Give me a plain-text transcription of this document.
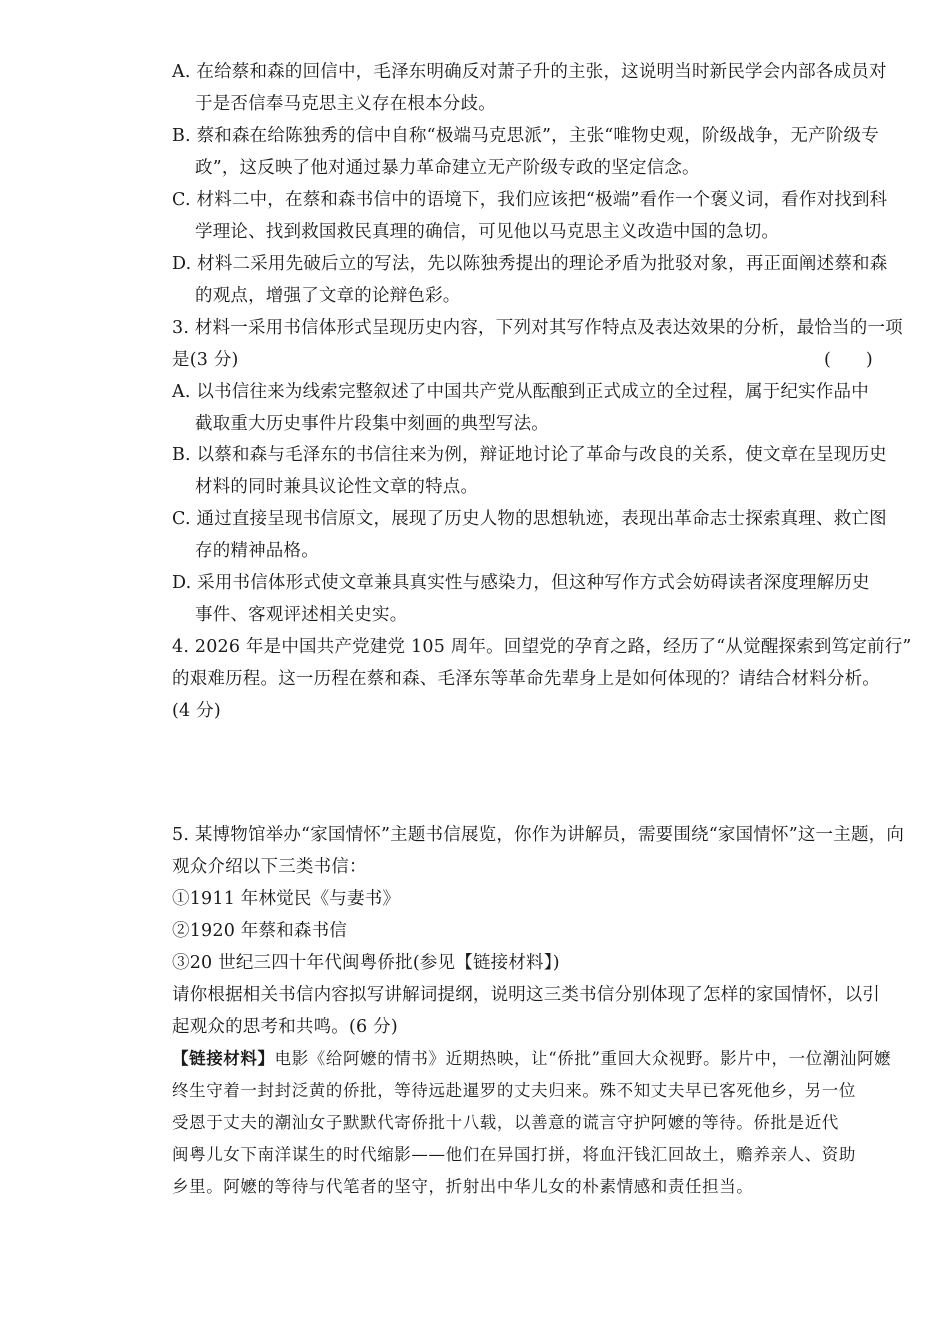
A. 在给蔡和森的回信中，毛泽东明确反对萧子升的主张，这说明当时新民学会内部各成员对
于是否信奉马克思主义存在根本分歧。
B. 蔡和森在给陈独秀的信中自称“极端马克思派”，主张“唯物史观，阶级战争，无产阶级专
政”，这反映了他对通过暴力革命建立无产阶级专政的坚定信念。
C. 材料二中，在蔡和森书信中的语境下，我们应该把“极端”看作一个褒义词，看作对找到科
学理论、找到救国救民真理的确信，可见他以马克思主义改造中国的急切。
D. 材料二采用先破后立的写法，先以陈独秀提出的理论矛盾为批驳对象，再正面阐述蔡和森
的观点，增强了文章的论辩色彩。
3. 材料一采用书信体形式呈现历史内容，下列对其写作特点及表达效果的分析，最恰当的一项
是(3 分)	(　　)
A. 以书信往来为线索完整叙述了中国共产党从酝酿到正式成立的全过程，属于纪实作品中
截取重大历史事件片段集中刻画的典型写法。
B. 以蔡和森与毛泽东的书信往来为例，辩证地讨论了革命与改良的关系，使文章在呈现历史
材料的同时兼具议论性文章的特点。
C. 通过直接呈现书信原文，展现了历史人物的思想轨迹，表现出革命志士探索真理、救亡图
存的精神品格。
D. 采用书信体形式使文章兼具真实性与感染力，但这种写作方式会妨碍读者深度理解历史
事件、客观评述相关史实。
4. 2026 年是中国共产党建党 105 周年。回望党的孕育之路，经历了“从觉醒探索到笃定前行”
的艰难历程。这一历程在蔡和森、毛泽东等革命先辈身上是如何体现的？请结合材料分析。
(4 分)
5. 某博物馆举办“家国情怀”主题书信展览，你作为讲解员，需要围绕“家国情怀”这一主题，向
观众介绍以下三类书信：
①1911 年林觉民《与妻书》
②1920 年蔡和森书信
③20 世纪三四十年代闽粤侨批(参见【链接材料】)
请你根据相关书信内容拟写讲解词提纲，说明这三类书信分别体现了怎样的家国情怀，以引
起观众的思考和共鸣。(6 分)
【链接材料】电影《给阿嬷的情书》近期热映，让“侨批”重回大众视野。影片中，一位潮汕阿嬷
终生守着一封封泛黄的侨批，等待远赴暹罗的丈夫归来。殊不知丈夫早已客死他乡，另一位
受恩于丈夫的潮汕女子默默代寄侨批十八载，以善意的谎言守护阿嬷的等待。侨批是近代
闽粤儿女下南洋谋生的时代缩影——他们在异国打拼，将血汗钱汇回故土，赡养亲人、资助
乡里。阿嬷的等待与代笔者的坚守，折射出中华儿女的朴素情感和责任担当。
